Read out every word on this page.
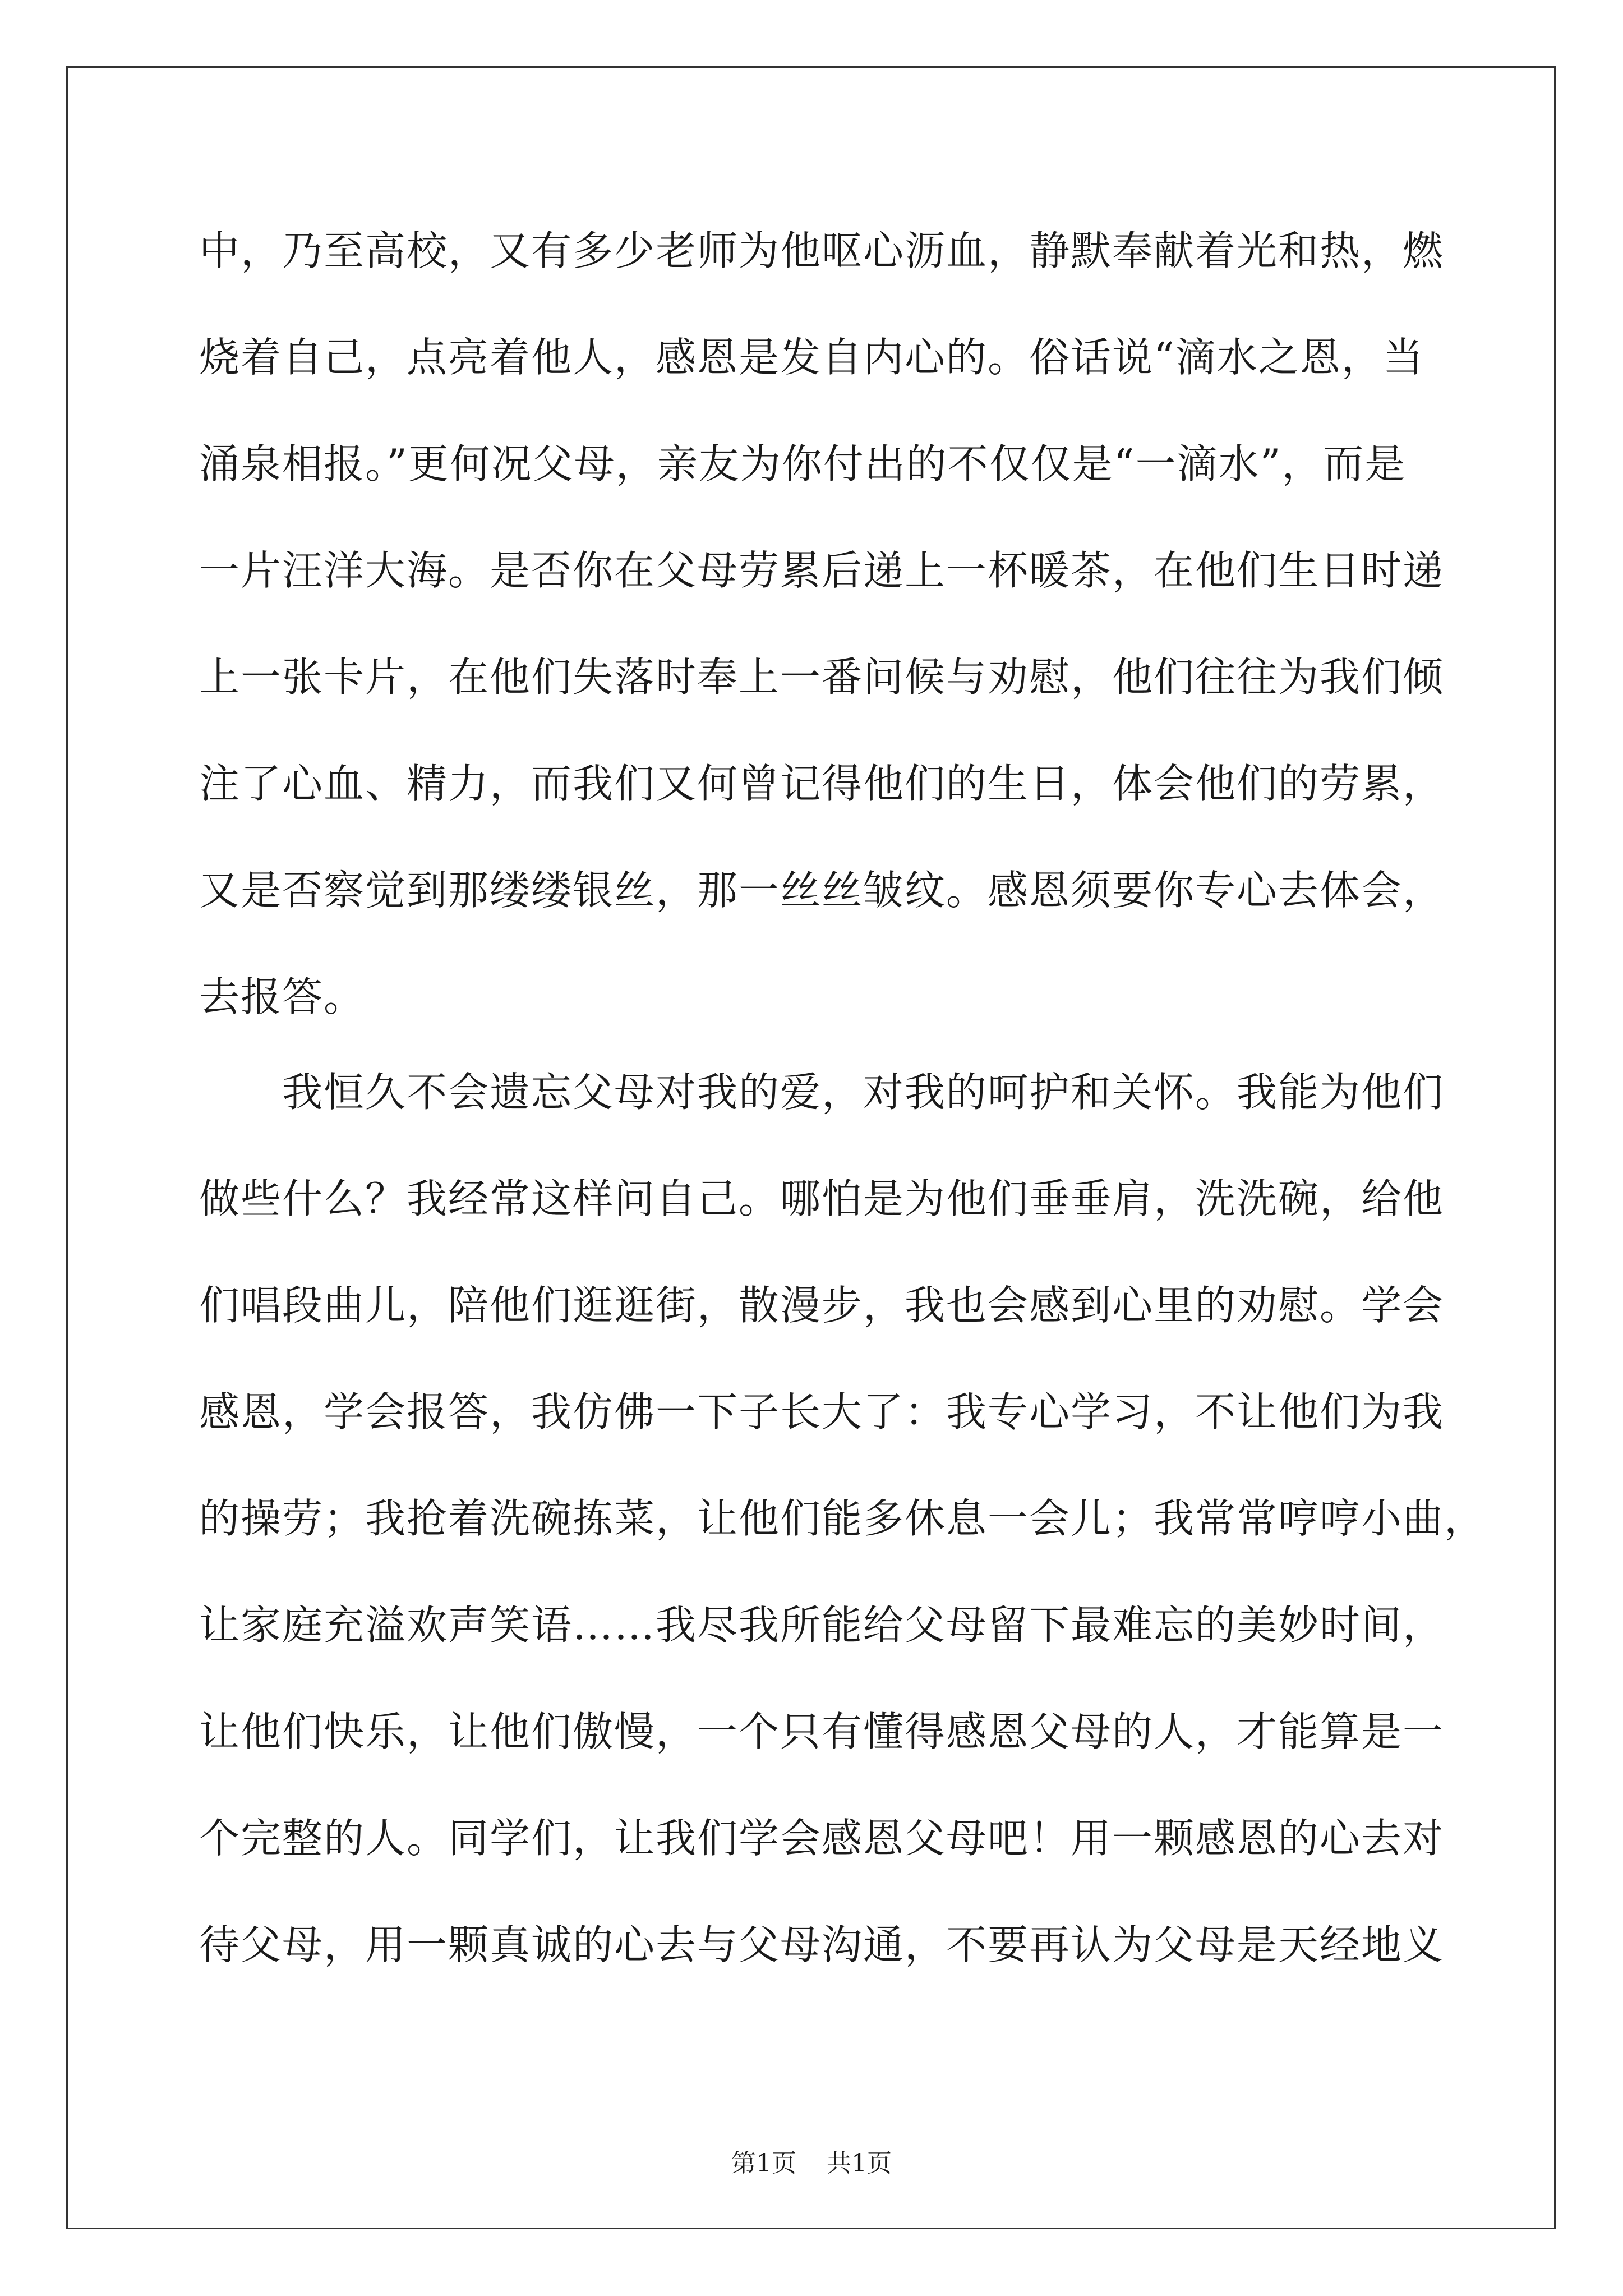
中，乃至高校，又有多少老师为他呕心沥血，静默奉献着光和热，燃
烧着自己，点亮着他人，感恩是发自内心的。俗话说“滴水之恩，当
涌泉相报。”更何况父母，亲友为你付出的不仅仅是“一滴水”，而是
一片汪洋大海。是否你在父母劳累后递上一杯暖茶，在他们生日时递
上一张卡片，在他们失落时奉上一番问候与劝慰，他们往往为我们倾
注了心血、精力，而我们又何曾记得他们的生日，体会他们的劳累，
又是否察觉到那缕缕银丝，那一丝丝皱纹。感恩须要你专心去体会，
去报答。
　　我恒久不会遗忘父母对我的爱，对我的呵护和关怀。我能为他们
做些什么？我经常这样问自己。哪怕是为他们垂垂肩，洗洗碗，给他
们唱段曲儿，陪他们逛逛街，散漫步，我也会感到心里的劝慰。学会
感恩，学会报答，我仿佛一下子长大了：我专心学习，不让他们为我
的操劳；我抢着洗碗拣菜，让他们能多休息一会儿；我常常哼哼小曲，
让家庭充溢欢声笑语……我尽我所能给父母留下最难忘的美妙时间，
让他们快乐，让他们傲慢，一个只有懂得感恩父母的人，才能算是一
个完整的人。同学们，让我们学会感恩父母吧！用一颗感恩的心去对
待父母，用一颗真诚的心去与父母沟通，不要再认为父母是天经地义
第1页 共1页
